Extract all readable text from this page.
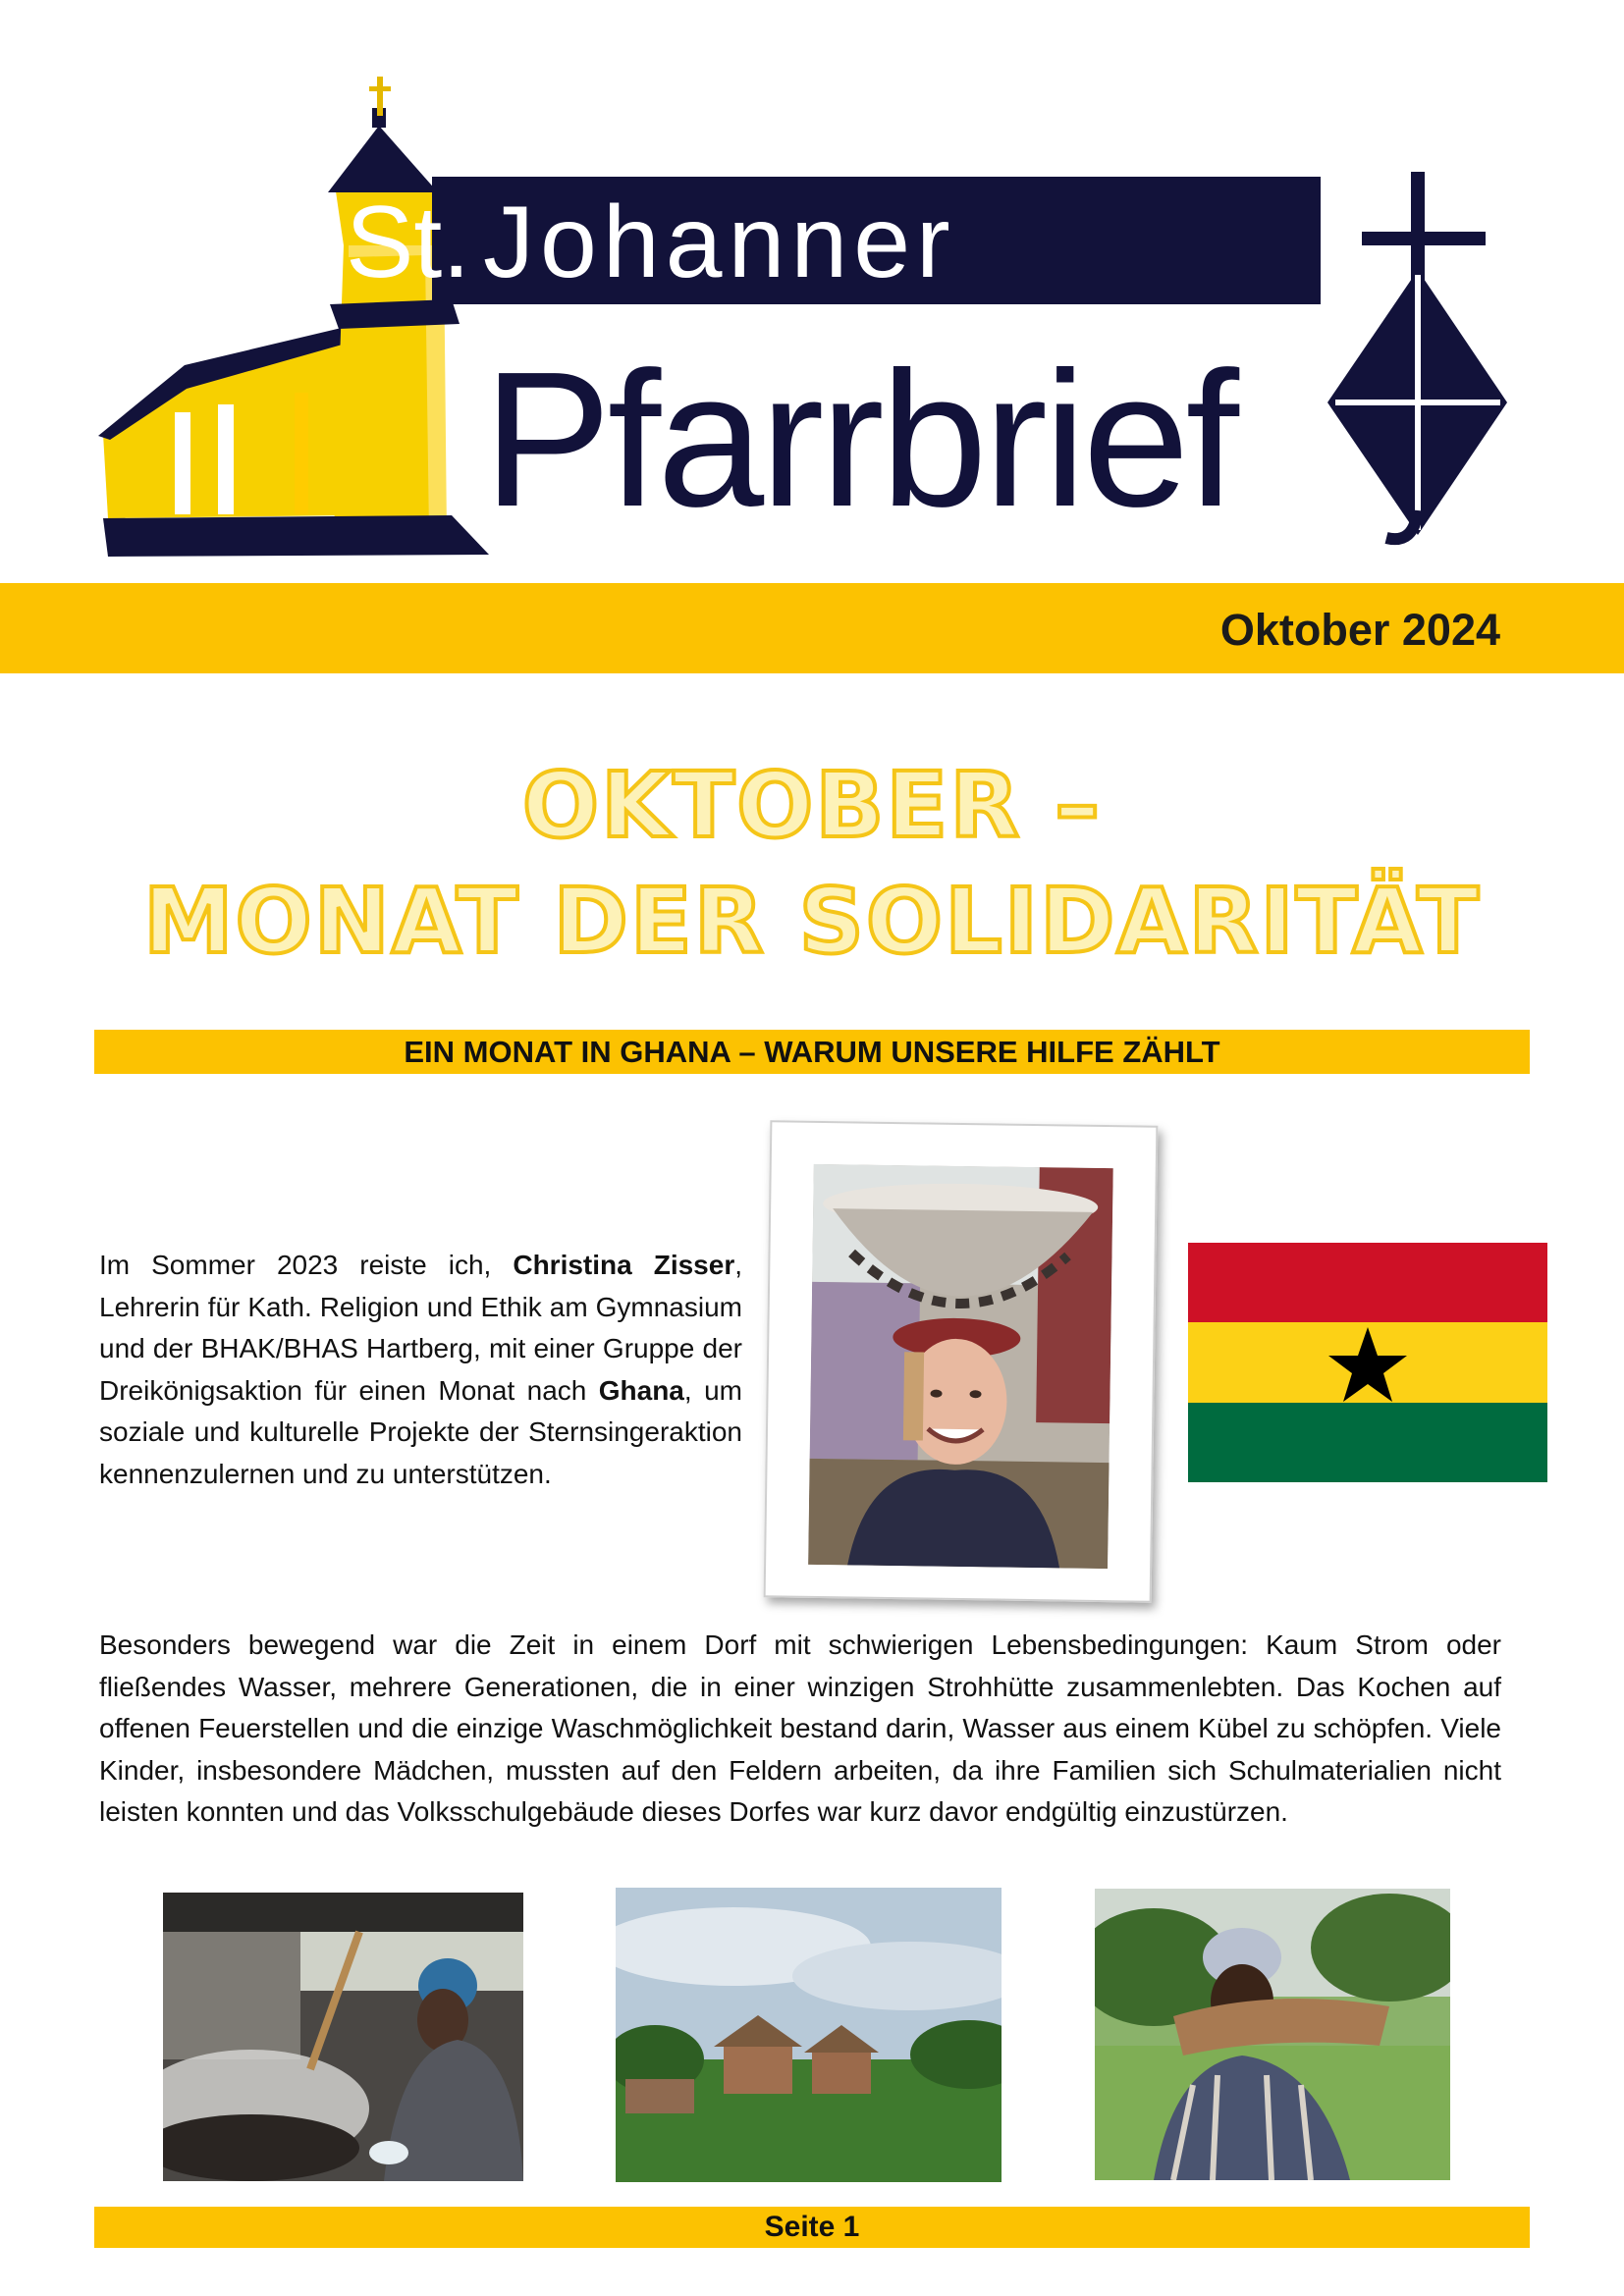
St. Johanner
Pfarrbrief
Oktober 2024
OKTOBER –
MONAT DER SOLIDARITÄT
EIN MONAT IN GHANA – WARUM UNSERE HILFE ZÄHLT
Im Sommer 2023 reiste ich, Christina Zisser, Lehrerin für Kath. Religion und Ethik am Gymnasium und der BHAK/BHAS Hartberg, mit einer Gruppe der Dreikönigsaktion für einen Monat nach Ghana, um soziale und kulturelle Projekte der Sternsingeraktion kennenzulernen und zu unterstützen.
Besonders bewegend war die Zeit in einem Dorf mit schwierigen Lebensbedingungen: Kaum Strom oder fließendes Wasser, mehrere Generationen, die in einer winzigen Strohhütte zusammenlebten. Das Kochen auf offenen Feuerstellen und die einzige Waschmöglichkeit bestand darin, Wasser aus einem Kübel zu schöpfen. Viele Kinder, insbesondere Mädchen, mussten auf den Feldern arbeiten, da ihre Familien sich Schulmaterialien nicht leisten konnten und das Volksschulgebäude dieses Dorfes war kurz davor endgültig einzustürzen.
Seite 1
